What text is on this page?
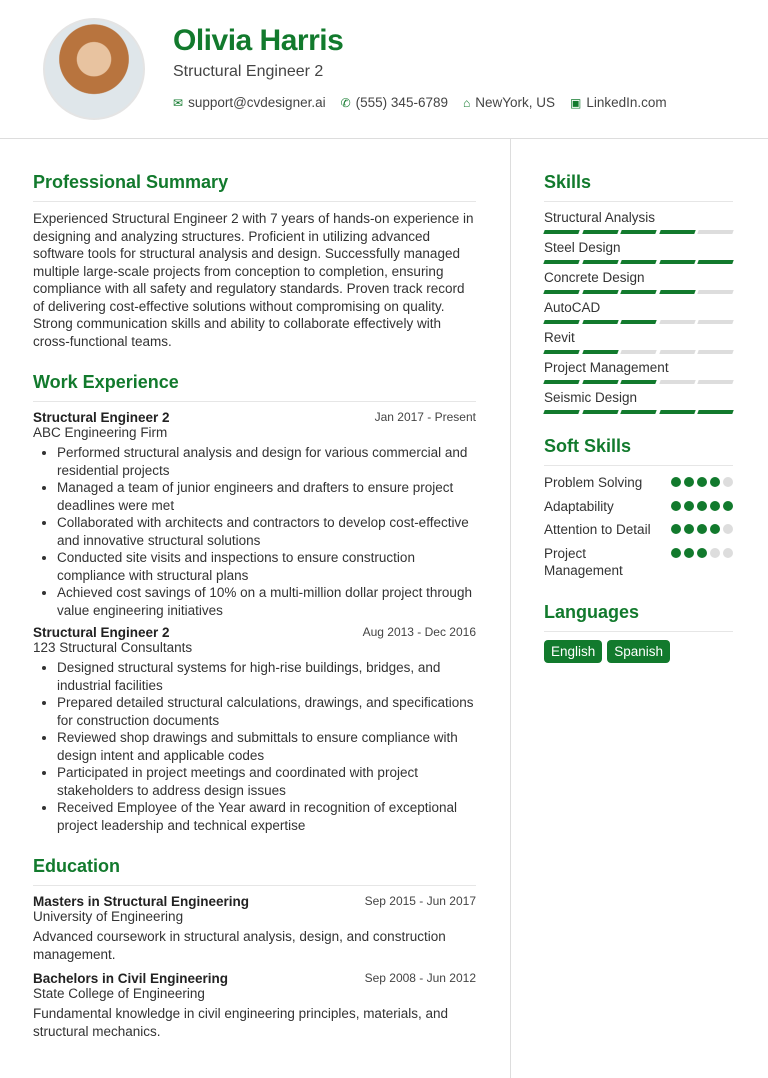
Olivia Harris
Structural Engineer 2
✉ support@cvdesigner.ai ✆ (555) 345-6789 ⌂ NewYork, US ▣ LinkedIn.com
Professional Summary

Experienced Structural Engineer 2 with 7 years of hands-on experience in designing and analyzing structures. Proficient in utilizing advanced software tools for structural analysis and design. Successfully managed multiple large-scale projects from conception to completion, ensuring compliance with all safety and regulatory standards. Proven track record of delivering cost-effective solutions without compromising on quality. Strong communication skills and ability to collaborate effectively with cross-functional teams.

Work Experience
Structural Engineer 2	Jan 2017 - Present
ABC Engineering Firm
• Performed structural analysis and design for various commercial and residential projects
• Managed a team of junior engineers and drafters to ensure project deadlines were met
• Collaborated with architects and contractors to develop cost-effective and innovative structural solutions
• Conducted site visits and inspections to ensure construction compliance with structural plans
• Achieved cost savings of 10% on a multi-million dollar project through value engineering initiatives
Structural Engineer 2	Aug 2013 - Dec 2016
123 Structural Consultants
• Designed structural systems for high-rise buildings, bridges, and industrial facilities
• Prepared detailed structural calculations, drawings, and specifications for construction documents
• Reviewed shop drawings and submittals to ensure compliance with design intent and applicable codes
• Participated in project meetings and coordinated with project stakeholders to address design issues
• Received Employee of the Year award in recognition of exceptional project leadership and technical expertise
Education
Masters in Structural Engineering	Sep 2015 - Jun 2017
University of Engineering

Advanced coursework in structural analysis, design, and construction management.

Bachelors in Civil Engineering	Sep 2008 - Jun 2012
State College of Engineering

Fundamental knowledge in civil engineering principles, materials, and structural mechanics.

Skills
Structural Analysis
Steel Design
Concrete Design
AutoCAD
Revit
Project Management
Seismic Design
Soft Skills
Problem Solving
Adaptability
Attention to Detail
Project Management
Languages
English	Spanish
